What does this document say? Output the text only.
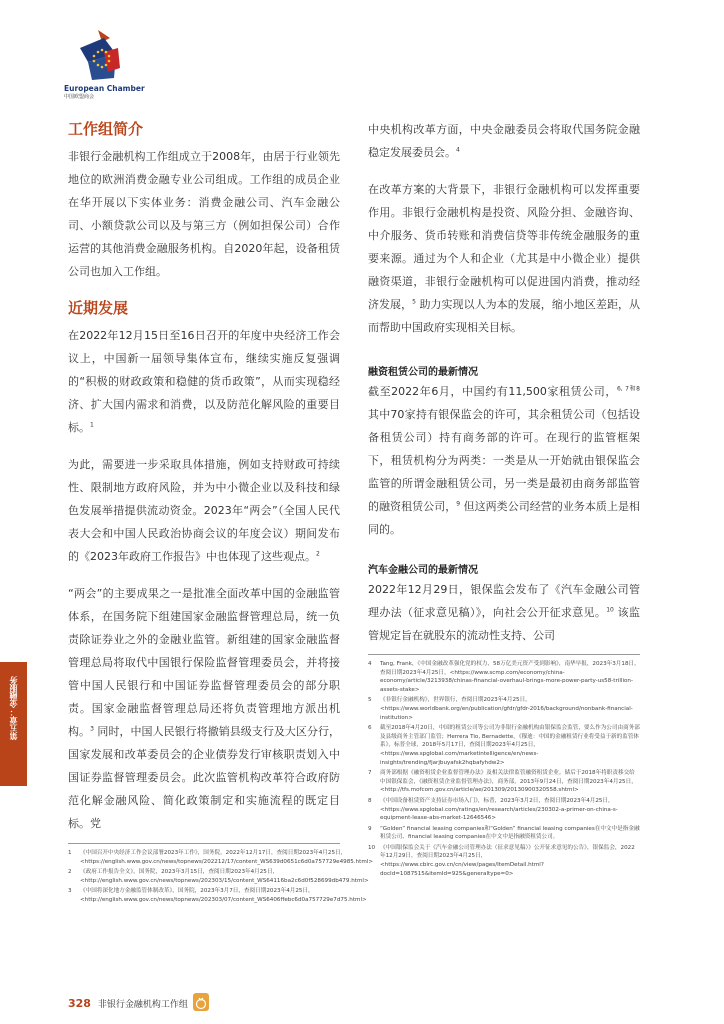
European Chamber
中国欧盟商会
工作组简介

非银行金融机构工作组成立于2008年，由居于行业领先地位的欧洲消费金融专业公司组成。工作组的成员企业在华开展以下实体业务：消费金融公司、汽车金融公司、小额贷款公司以及与第三方（例如担保公司）合作运营的其他消费金融服务机构。自2020年起，设备租赁公司也加入工作组。

近期发展

在2022年12月15日至16日召开的年度中央经济工作会议上，中国新一届领导集体宣布，继续实施反复强调的“积极的财政政策和稳健的货币政策”，从而实现稳经济、扩大国内需求和消费，以及防范化解风险的重要目标。$^1$

为此，需要进一步采取具体措施，例如支持财政可持续性、限制地方政府风险，并为中小微企业以及科技和绿色发展举措提供流动资金。2023年“两会”（全国人民代表大会和中国人民政治协商会议的年度会议）期间发布的《2023年政府工作报告》中也体现了这些观点。$^2$

“两会”的主要成果之一是批准全面改革中国的金融监管体系，在国务院下组建国家金融监督管理总局，统一负责除证券业之外的金融业监管。新组建的国家金融监督管理总局将取代中国银行保险监督管理委员会，并将接管中国人民银行和中国证券监督管理委员会的部分职责。国家金融监督管理总局还将负责管理地方派出机构。$^3$ 同时，中国人民银行将撤销县级支行及大区分行，国家发展和改革委员会的企业债券发行审核职责划入中国证券监督管理委员会。此次监管机构改革符合政府防范化解金融风险、简化政策制定和实施流程的既定目标。党

中央机构改革方面，中央金融委员会将取代国务院金融稳定发展委员会。$^4$

在改革方案的大背景下，非银行金融机构可以发挥重要作用。非银行金融机构是投资、风险分担、金融咨询、中介服务、货币转账和消费信贷等非传统金融服务的重要来源。通过为个人和企业（尤其是中小微企业）提供融资渠道，非银行金融机构可以促进国内消费，推动经济发展，$^5$ 助力实现以人为本的发展，缩小地区差距，从而帮助中国政府实现相关目标。

融资租赁公司的最新情况

截至2022年6月，中国约有11,500家租赁公司，$^{6, 7和8}$ 其中70家持有银保监会的许可，其余租赁公司（包括设备租赁公司）持有商务部的许可。在现行的监管框架下，租赁机构分为两类：一类是从一开始就由银保监会监管的所谓金融租赁公司，另一类是最初由商务部监管的融资租赁公司，$^9$ 但这两类公司经营的业务本质上是相同的。

汽车金融公司的最新情况

2022年12月29日，银保监会发布了《汽车金融公司管理办法（征求意见稿）》，向社会公开征求意见。$^{10}$ 该监管规定旨在就股东的流动性支持、公司

第五章：金融服务
1	《中国召开中央经济工作会议部署2023年工作》，国务院，2022年12月17日，查阅日期2023年4月25日，<https://english.www.gov.cn/news/topnews/202212/17/content_WS639d0651c6d0a757729e4985.html>
2	《政府工作报告全文》，国务院，2023年3月15日，查阅日期2023年4月25日，<http://english.www.gov.cn/news/topnews/202303/15/content_WS64116ba2c6d0f528699db479.html>
3	《中国将深化地方金融监管体制改革》，国务院，2023年3月7日，查阅日期2023年4月25日，<http://english.www.gov.cn/news/topnews/202303/07/content_WS6406ffebc6d0a757729e7d75.html>
4	Tang, Frank，《中国金融改革强化党的权力，58万亿美元资产受到影响》，南华早报，2023年3月18日，查阅日期2023年4月25日，<https://www.scmp.com/economy/china-economy/article/3213938/chinas-financial-overhaul-brings-more-power-party-us58-trillion-assets-stake>
5	《非银行金融机构》，世界银行，查阅日期2023年4月25日，<https://www.worldbank.org/en/publication/gfdr/gfdr-2016/background/nonbank-financial-institution>
6	截至2018年4月20日，中国的租赁公司等公司为非银行金融机构由银保监会监管，要么作为公司由商务部及县级商务主管部门监管；Herrera Tio, Bernadette，《穆迪：中国的金融租赁行业将受益于新的监管体系》，标普全球，2018年5月17日，查阅日期2023年4月25日，<https://www.spglobal.com/marketintelligence/en/news-insights/trending/fjarjbuyafsk2hqbafyhdw2>
7	商务部根据《融资租赁企业监督管理办法》及相关法律监管融资租赁企业。储后于2018年将职责移交给中国银保监会，《融资租赁企业监督管理办法》，商务部，2013年9月24日，查阅日期2023年4月25日，<http://tfs.mofcom.gov.cn/article/ae/201309/20130900320558.shtml>
8	《中国设备租赁资产支持证券市场入门》，标普，2023年3月2日，查阅日期2023年4月25日，<https://www.spglobal.com/ratings/en/research/articles/230302-a-primer-on-china-s-equipment-lease-abs-market-12646546>
9	“Golden” financial leasing companies和“Golden” financial leasing companies在中文中是指金融租赁公司、financial leasing companies在中文中是指融资租赁公司。
10 《中国银保监会关于《汽车金融公司管理办法（征求意见稿）》公开征求意见的公告》，银保监会，2022年12月29日，查阅日期2023年4月25日，<https://www.cbirc.gov.cn/cn/view/pages/ItemDetail.html?docId=1087515&itemId=925&generaltype=0>
328 非银行金融机构工作组
